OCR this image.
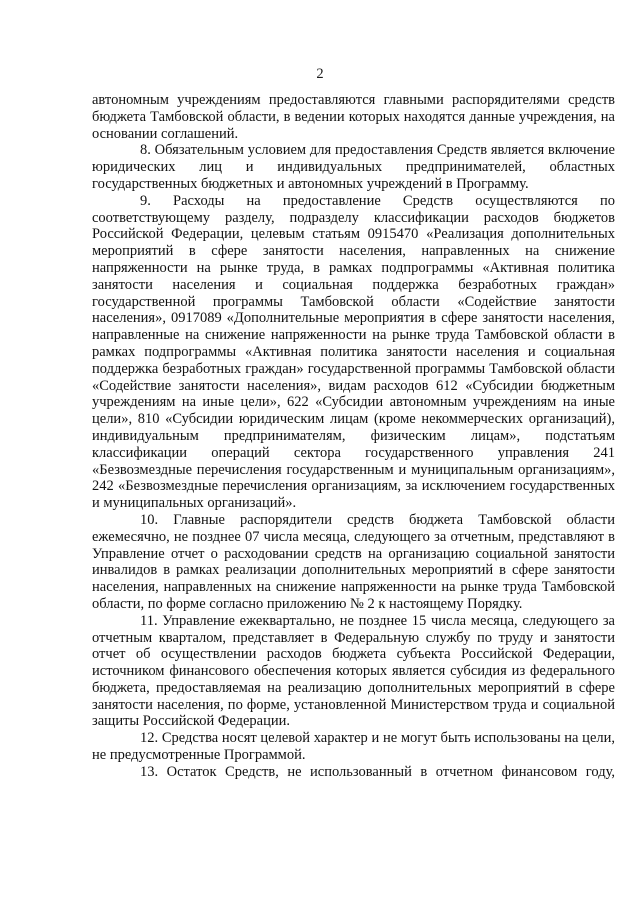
2

автономным учреждениям предоставляются главными распорядителями средств бюджета Тамбовской области, в ведении которых находятся данные учреждения, на основании соглашений.

8. Обязательным условием для предоставления Средств является включение юридических лиц и индивидуальных предпринимателей, областных государственных бюджетных и автономных учреждений в Программу.

9. Расходы на предоставление Средств осуществляются по соответствующему разделу, подразделу классификации расходов бюджетов Российской Федерации, целевым статьям 0915470 «Реализация дополнительных мероприятий в сфере занятости населения, направленных на снижение напряженности на рынке труда, в рамках подпрограммы «Активная политика занятости населения и социальная поддержка безработных граждан» государственной программы Тамбовской области «Содействие занятости населения», 0917089 «Дополнительные мероприятия в сфере занятости населения, направленные на снижение напряженности на рынке труда Тамбовской области в рамках подпрограммы «Активная политика занятости населения и социальная поддержка безработных граждан» государственной программы Тамбовской области «Содействие занятости населения», видам расходов 612 «Субсидии бюджетным учреждениям на иные цели», 622 «Субсидии автономным учреждениям на иные цели», 810 «Субсидии юридическим лицам (кроме некоммерческих организаций), индивидуальным предпринимателям, физическим лицам», подстатьям классификации операций сектора государственного управления 241 «Безвозмездные перечисления государственным и муниципальным организациям», 242 «Безвозмездные перечисления организациям, за исключением государственных и муниципальных организаций».

10. Главные распорядители средств бюджета Тамбовской области ежемесячно, не позднее 07 числа месяца, следующего за отчетным, представляют в Управление отчет о расходовании средств на организацию социальной занятости инвалидов в рамках реализации дополнительных мероприятий в сфере занятости населения, направленных на снижение напряженности на рынке труда Тамбовской области, по форме согласно приложению № 2 к настоящему Порядку.

11. Управление ежеквартально, не позднее 15 числа месяца, следующего за отчетным кварталом, представляет в Федеральную службу по труду и занятости отчет об осуществлении расходов бюджета субъекта Российской Федерации, источником финансового обеспечения которых является субсидия из федерального бюджета, предоставляемая на реализацию дополнительных мероприятий в сфере занятости населения, по форме, установленной Министерством труда и социальной защиты Российской Федерации.

12. Средства носят целевой характер и не могут быть использованы на цели, не предусмотренные Программой.

13. Остаток Средств, не использованный в отчетном финансовом году,
